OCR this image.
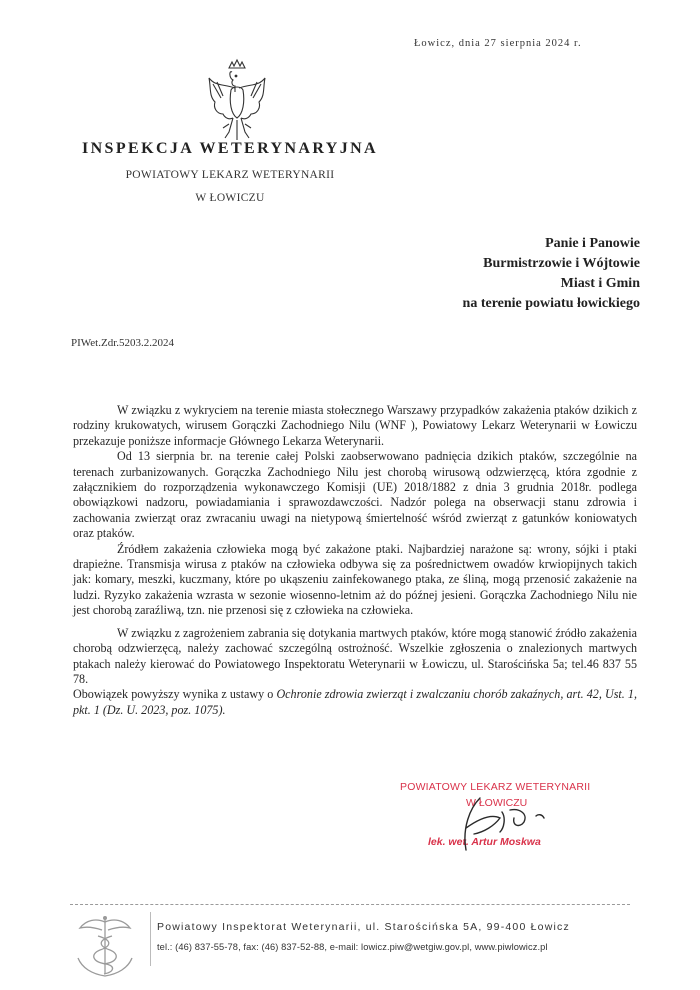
Łowicz, dnia 27 sierpnia 2024 r.
INSPEKCJA WETERYNARYJNA
POWIATOWY LEKARZ WETERYNARII
W ŁOWICZU
Panie i Panowie
Burmistrzowie i Wójtowie
Miast i Gmin
na terenie powiatu łowickiego
PIWet.Zdr.5203.2.2024

W związku z wykryciem na terenie miasta stołecznego Warszawy przypadków zakażenia ptaków dzikich z rodziny krukowatych, wirusem Gorączki Zachodniego Nilu (WNF ), Powiatowy Lekarz Weterynarii w Łowiczu przekazuje poniższe informacje Głównego Lekarza Weterynarii.

Od 13 sierpnia br. na terenie całej Polski zaobserwowano padnięcia dzikich ptaków, szczególnie na terenach zurbanizowanych. Gorączka Zachodniego Nilu jest chorobą wirusową odzwierzęcą, która zgodnie z załącznikiem do rozporządzenia wykonawczego Komisji (UE) 2018/1882 z dnia 3 grudnia 2018r. podlega obowiązkowi nadzoru, powiadamiania i sprawozdawczości. Nadzór polega na obserwacji stanu zdrowia i zachowania zwierząt oraz zwracaniu uwagi na nietypową śmiertelność wśród zwierząt z gatunków koniowatych oraz ptaków.

Źródłem zakażenia człowieka mogą być zakażone ptaki. Najbardziej narażone są: wrony, sójki i ptaki drapieżne. Transmisja wirusa z ptaków na człowieka odbywa się za pośrednictwem owadów krwiopijnych takich jak: komary, meszki, kuczmany, które po ukąszeniu zainfekowanego ptaka, ze śliną, mogą przenosić zakażenie na ludzi. Ryzyko zakażenia wzrasta w sezonie wiosenno-letnim aż do późnej jesieni. Gorączka Zachodniego Nilu nie jest chorobą zaraźliwą, tzn. nie przenosi się z człowieka na człowieka.

W związku z zagrożeniem zabrania się dotykania martwych ptaków, które mogą stanowić źródło zakażenia chorobą odzwierzęcą, należy zachować szczególną ostrożność. Wszelkie zgłoszenia o znalezionych martwych ptakach należy kierować do Powiatowego Inspektoratu Weterynarii w Łowiczu, ul. Starościńska 5a; tel.46 837 55 78.

Obowiązek powyższy wynika z ustawy o Ochronie zdrowia zwierząt i zwalczaniu chorób zakaźnych, art. 42, Ust. 1, pkt. 1 (Dz. U. 2023, poz. 1075).

POWIATOWY LEKARZ WETERYNARII
W ŁOWICZU
lek. wet. Artur Moskwa
Powiatowy Inspektorat Weterynarii, ul. Starościńska 5A, 99-400 Łowicz
tel.: (46) 837-55-78, fax: (46) 837-52-88, e-mail: lowicz.piw@wetgiw.gov.pl, www.piwlowicz.pl
